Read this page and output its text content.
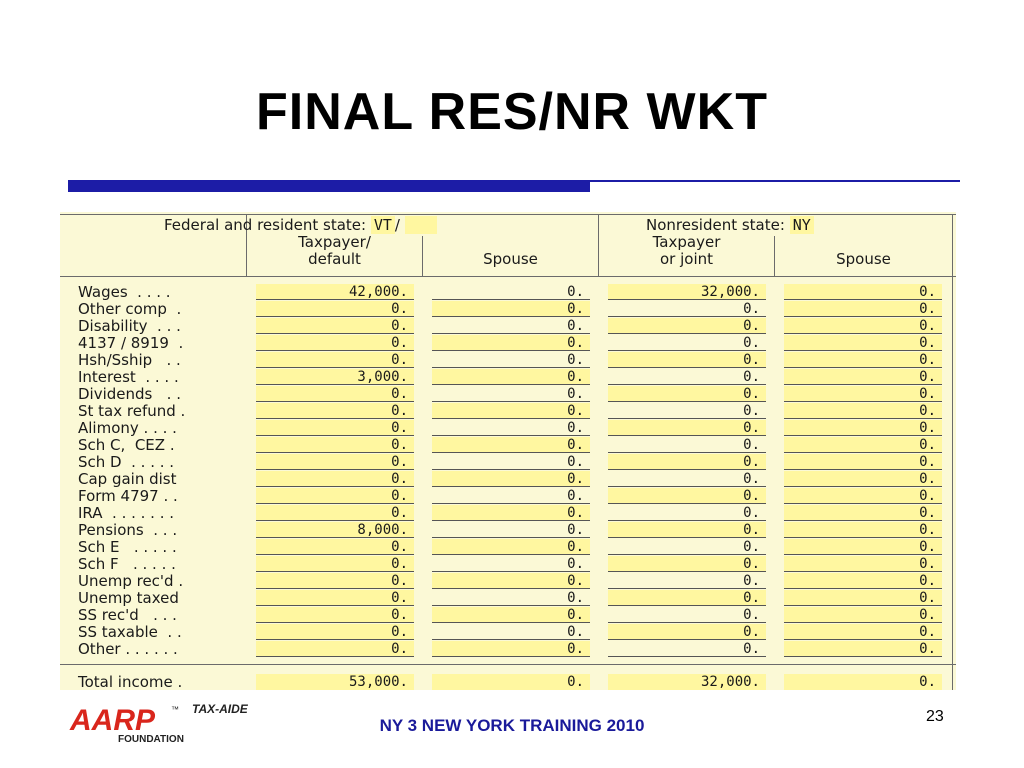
FINAL RES/NR WKT
Federal and resident state: VT /	Nonresident state: NY
Taxpayer/
default
	Spouse
Taxpayer
or joint
	Spouse
Wages  . . . .	42,000.	0.	32,000.	0.
Other comp  .	0.	0.	0.	0.
Disability  . . .	0.	0.	0.	0.
4137 / 8919  .	0.	0.	0.	0.
Hsh/Sship   . .	0.	0.	0.	0.
Interest  . . . .	3,000.	0.	0.	0.
Dividends   . .	0.	0.	0.	0.
St tax refund .	0.	0.	0.	0.
Alimony . . . .	0.	0.	0.	0.
Sch C,  CEZ .	0.	0.	0.	0.
Sch D  . . . . .	0.	0.	0.	0.
Cap gain dist	0.	0.	0.	0.
Form 4797 . .	0.	0.	0.	0.
IRA  . . . . . . .	0.	0.	0.	0.
Pensions  . . .	8,000.	0.	0.	0.
Sch E   . . . . .	0.	0.	0.	0.
Sch F   . . . . .	0.	0.	0.	0.
Unemp rec'd .	0.	0.	0.	0.
Unemp taxed	0.	0.	0.	0.
SS rec'd   . . .	0.	0.	0.	0.
SS taxable  . .	0.	0.	0.	0.
Other . . . . . .	0.	0.	0.	0.
Total income .	53,000.	0.	32,000.	0.
AARP ™
FOUNDATION
TAX-AIDE
NY 3 NEW YORK TRAINING 2010	23
